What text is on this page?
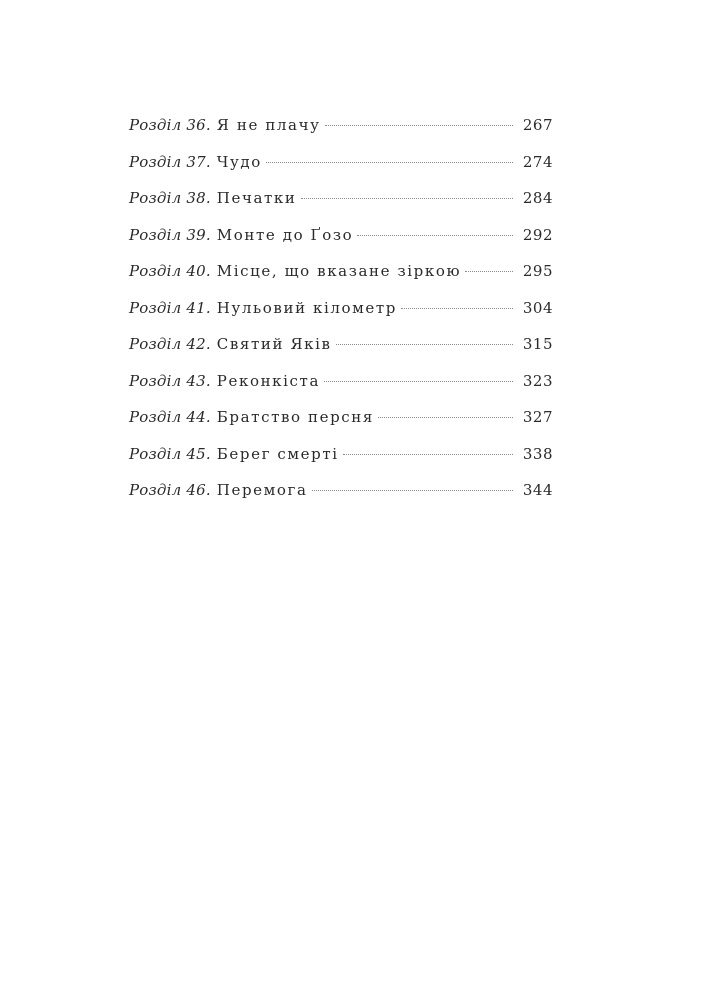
Розділ 36. Я не плачу	267
Розділ 37. Чудо	274
Розділ 38. Печатки	284
Розділ 39. Монте до Ґозо	292
Розділ 40. Місце, що вказане зіркою	295
Розділ 41. Нульовий кілометр	304
Розділ 42. Святий Яків	315
Розділ 43. Реконкіста	323
Розділ 44. Братство персня	327
Розділ 45. Берег смерті	338
Розділ 46. Перемога	344
